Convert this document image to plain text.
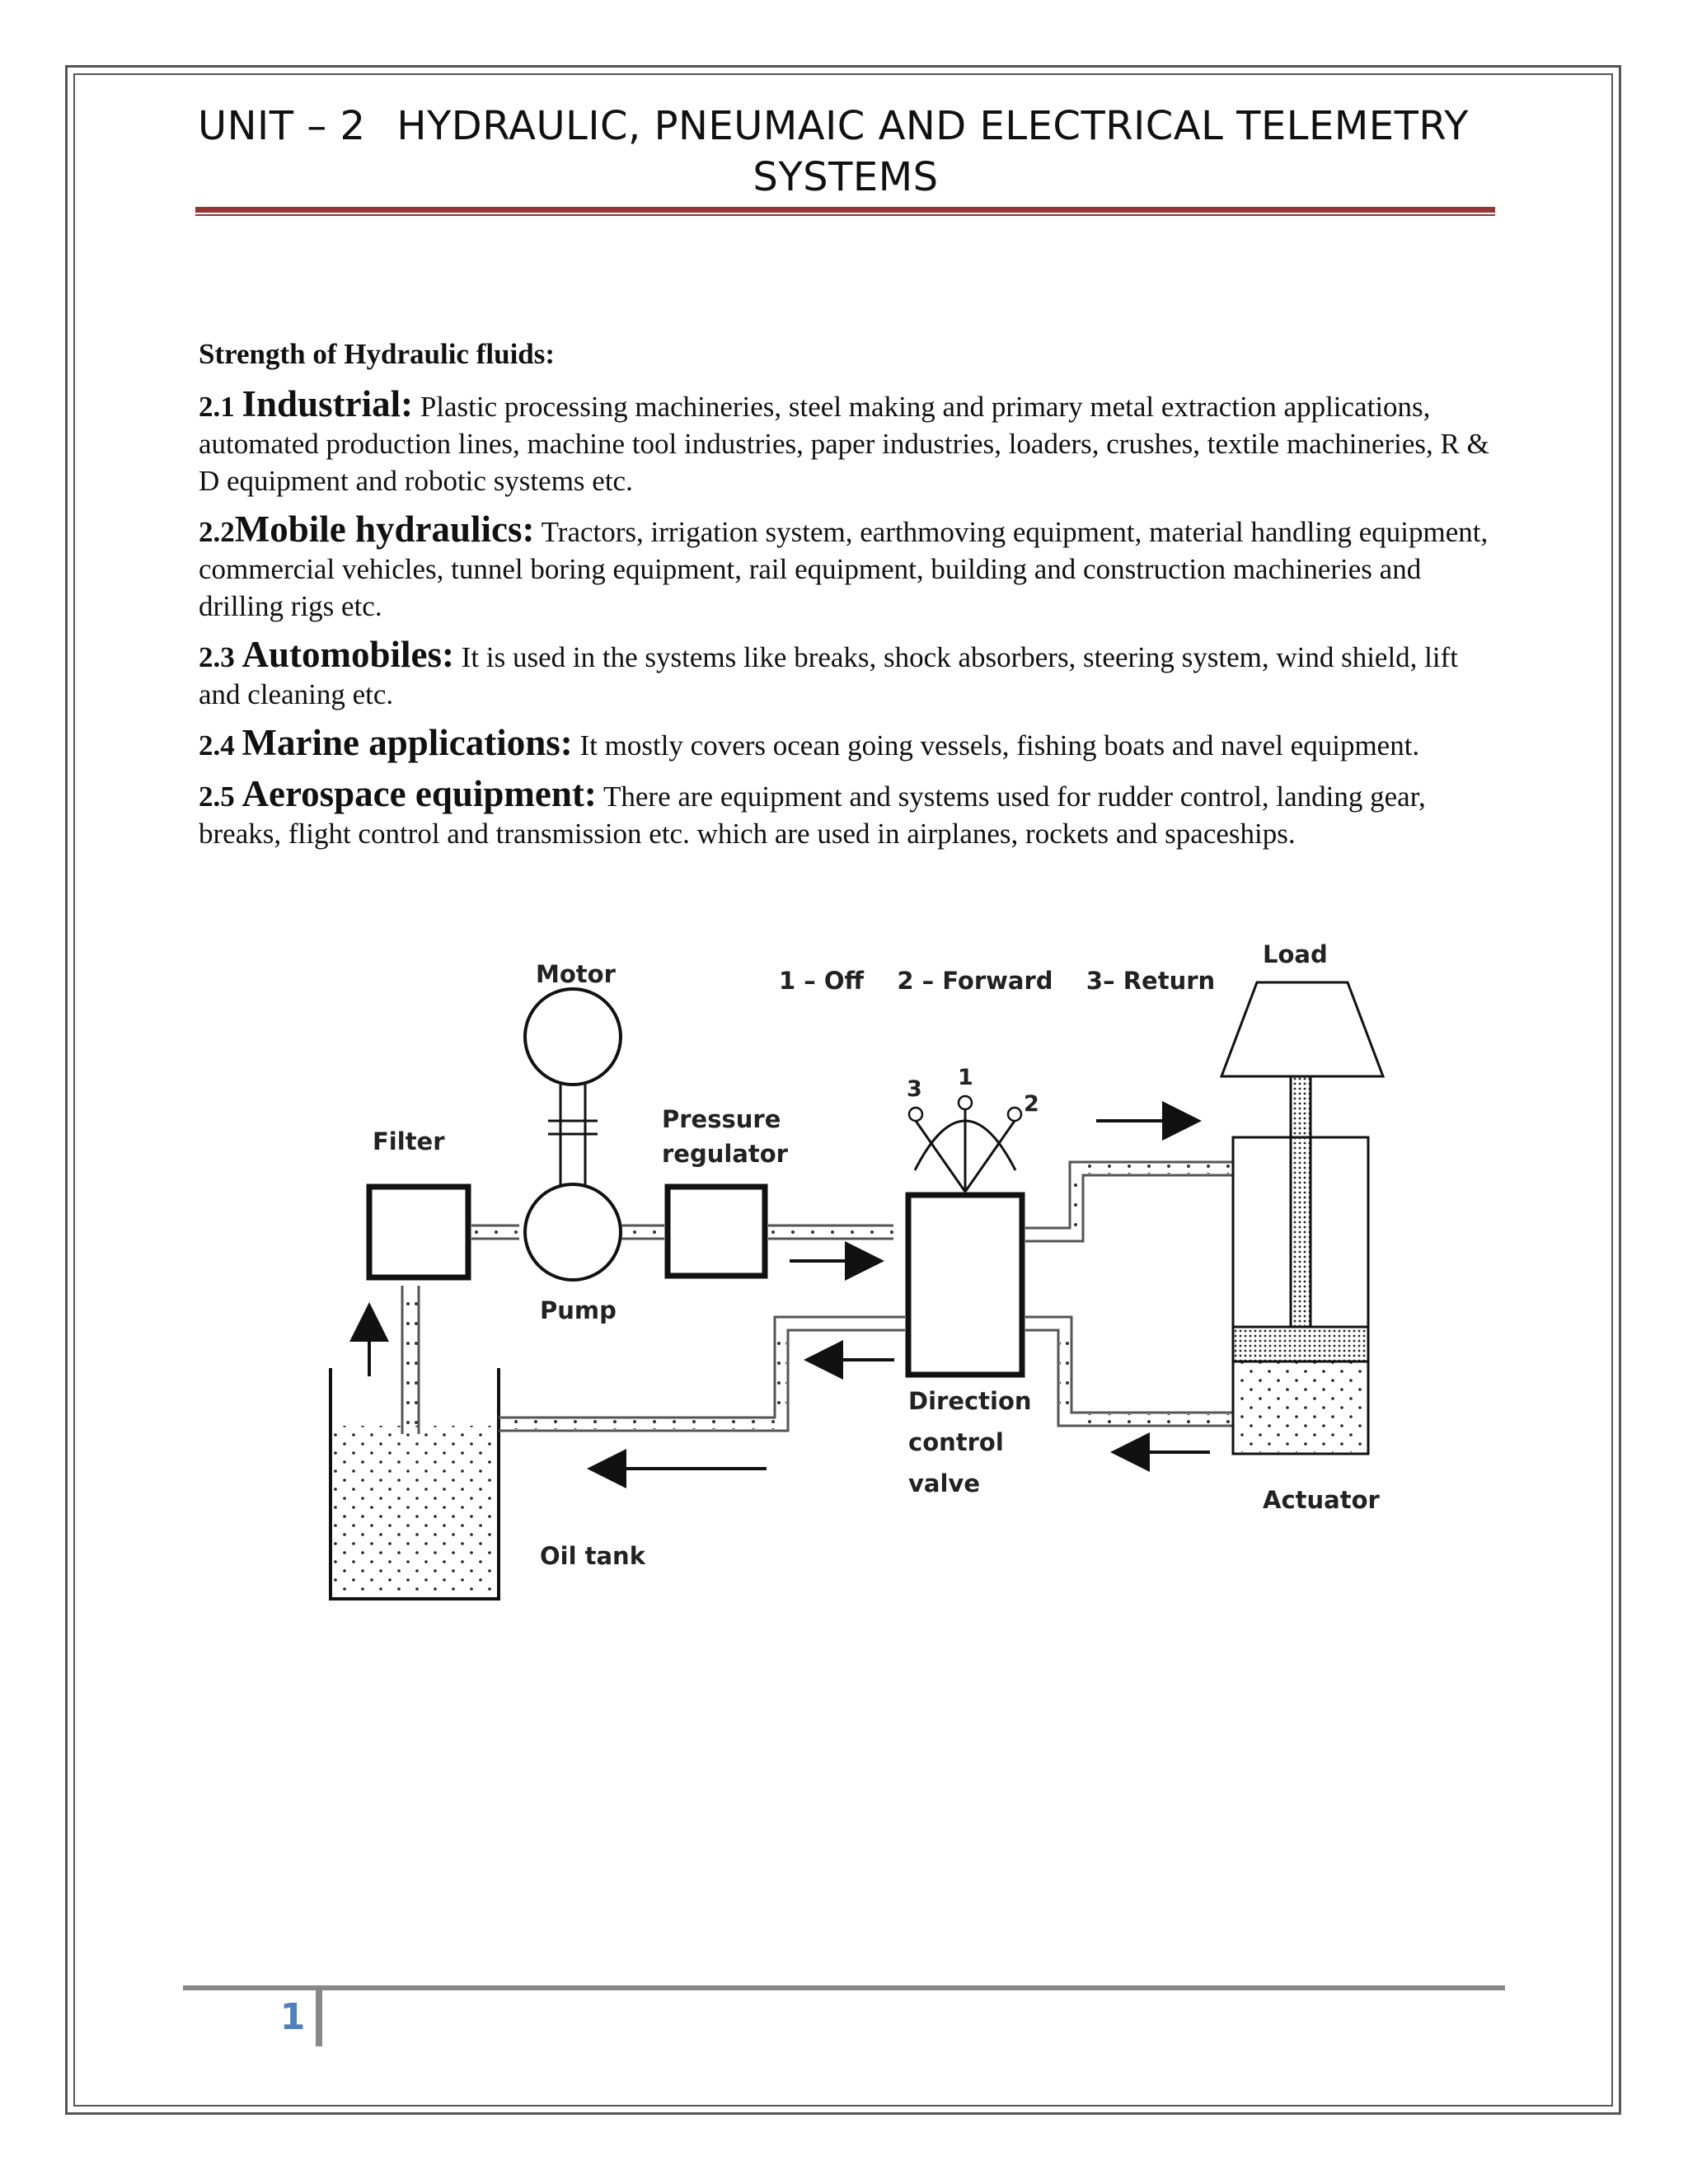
UNIT – 2 HYDRAULIC, PNEUMAIC AND ELECTRICAL TELEMETRY
SYSTEMS

Strength of Hydraulic fluids:

2.1 Industrial: Plastic processing machineries, steel making and primary metal extraction applications, automated production lines, machine tool industries, paper industries, loaders, crushes, textile machineries, R & D equipment and robotic systems etc.

2.2Mobile hydraulics: Tractors, irrigation system, earthmoving equipment, material handling equipment, commercial vehicles, tunnel boring equipment, rail equipment, building and construction machineries and drilling rigs etc.

2.3 Automobiles: It is used in the systems like breaks, shock absorbers, steering system, wind shield, lift and cleaning etc.

2.4 Marine applications: It mostly covers ocean going vessels, fishing boats and navel equipment.

2.5 Aerospace equipment: There are equipment and systems used for rudder control, landing gear, breaks, flight control and transmission etc. which are used in airplanes, rockets and spaceships.

1 – Off    2 – Forward    3– Return
Oil tank
Filter
Motor
Pump
Pressure
regulator
Direction
control
valve
3 1
2
Actuator
Load
1
